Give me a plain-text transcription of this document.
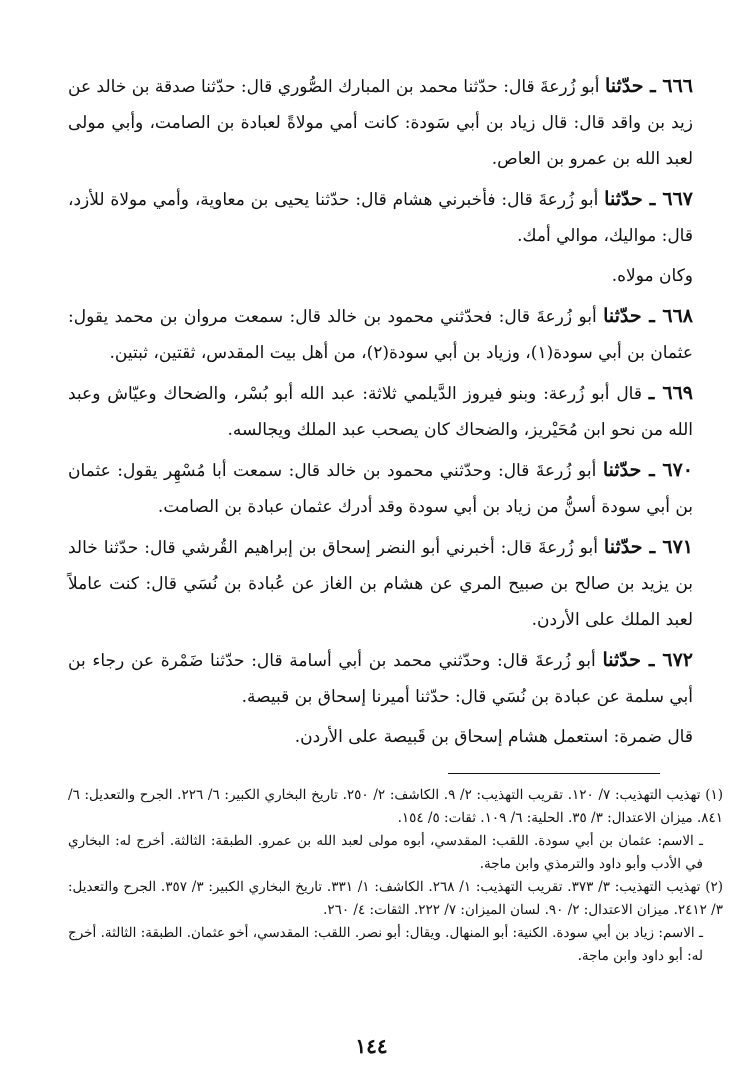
٦٦٦ ـ حدّثنا أبو زُرعةَ قال: حدّثنا محمد بن المبارك الصُّوري قال: حدّثنا صدقة بن خالد عن زيد بن واقد قال: قال زياد بن أبي سَودة: كانت أمي مولاةً لعبادة بن الصامت، وأبي مولى لعبد الله بن عمرو بن العاص.

٦٦٧ ـ حدّثنا أبو زُرعةَ قال: فأخبرني هشام قال: حدّثنا يحيى بن معاوية، وأمي مولاة للأزد، قال: مواليك، موالي أمك.

وكان مولاه.

٦٦٨ ـ حدّثنا أبو زُرعةَ قال: فحدّثني محمود بن خالد قال: سمعت مروان بن محمد يقول: عثمان بن أبي سودة(١)، وزياد بن أبي سودة(٢)، من أهل بيت المقدس، ثقتين، ثبتين.

٦٦٩ ـ قال أبو زُرعة: وبنو فيروز الدَّيلمي ثلاثة: عبد الله أبو بُسْر، والضحاك وعيّاش وعبد الله من نحو ابن مُحَيْريز، والضحاك كان يصحب عبد الملك ويجالسه.

٦٧٠ ـ حدّثنا أبو زُرعةَ قال: وحدّثني محمود بن خالد قال: سمعت أبا مُسْهِر يقول: عثمان بن أبي سودة أسنُّ من زياد بن أبي سودة وقد أدرك عثمان عبادة بن الصامت.

٦٧١ ـ حدّثنا أبو زُرعةَ قال: أخبرني أبو النضر إسحاق بن إبراهيم القُرشي قال: حدّثنا خالد بن يزيد بن صالح بن صبيح المري عن هشام بن الغاز عن عُبادة بن نُسَي قال: كنت عاملاً لعبد الملك على الأردن.

٦٧٢ ـ حدّثنا أبو زُرعةَ قال: وحدّثني محمد بن أبي أسامة قال: حدّثنا ضَمْرة عن رجاء بن أبي سلمة عن عبادة بن نُسَي قال: حدّثنا أميرنا إسحاق بن قبيصة.

قال ضمرة: استعمل هشام إسحاق بن قَبيصة على الأردن.

(١) تهذيب التهذيب: ٧/ ١٢٠. تقريب التهذيب: ٢/ ٩. الكاشف: ٢/ ٢٥٠. تاريخ البخاري الكبير: ٦/ ٢٢٦. الجرح والتعديل: ٦/ ٨٤١. ميزان الاعتدال: ٣/ ٣٥. الحلية: ٦/ ١٠٩. ثقات: ٥/ ١٥٤.

ـ الاسم: عثمان بن أبي سودة. اللقب: المقدسي، أبوه مولى لعبد الله بن عمرو. الطبقة: الثالثة. أخرج له: البخاري في الأدب وأبو داود والترمذي وابن ماجة.

(٢) تهذيب التهذيب: ٣/ ٣٧٣. تقريب التهذيب: ١/ ٢٦٨. الكاشف: ١/ ٣٣١. تاريخ البخاري الكبير: ٣/ ٣٥٧. الجرح والتعديل: ٣/ ٢٤١٢. ميزان الاعتدال: ٢/ ٩٠. لسان الميزان: ٧/ ٢٢٢. الثقات: ٤/ ٢٦٠.

ـ الاسم: زياد بن أبي سودة. الكنية: أبو المنهال. ويقال: أبو نصر. اللقب: المقدسي، أخو عثمان. الطبقة: الثالثة. أخرج له: أبو داود وابن ماجة.

١٤٤
